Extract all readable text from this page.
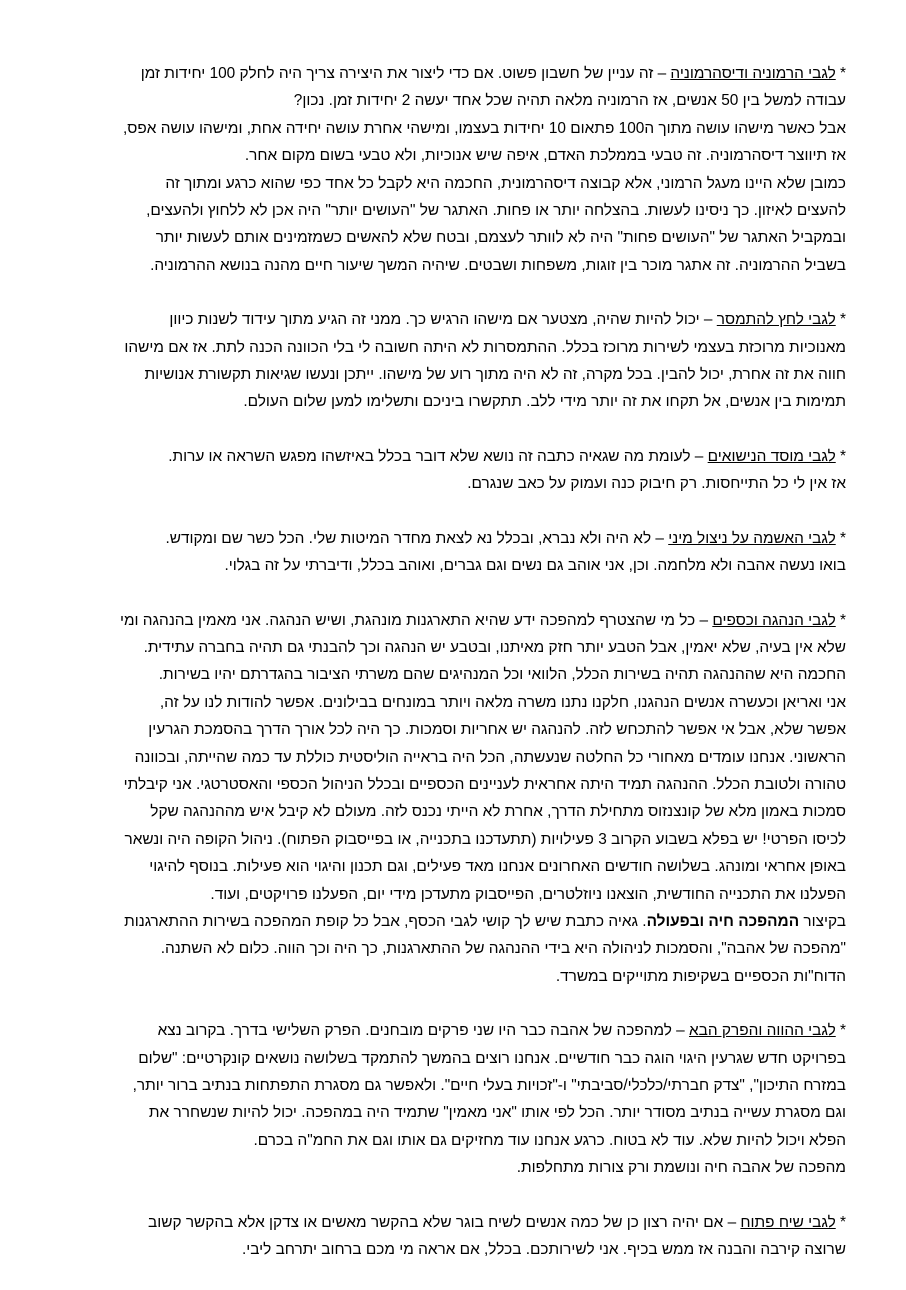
* לגבי הרמוניה ודיסהרמוניה – זה עניין של חשבון פשוט. אם כדי ליצור את היצירה צריך היה לחלק 100 יחידות זמן
עבודה למשל בין 50 אנשים, אז הרמוניה מלאה תהיה שכל אחד יעשה 2 יחידות זמן. נכון?
אבל כאשר מישהו עושה מתוך ה100 פתאום 10 יחידות בעצמו, ומישהי אחרת עושה יחידה אחת, ומישהו עושה אפס,
אז תיווצר דיסהרמוניה. זה טבעי בממלכת האדם, איפה שיש אנוכיות, ולא טבעי בשום מקום אחר.
כמובן שלא היינו מעגל הרמוני, אלא קבוצה דיסהרמונית, החכמה היא לקבל כל אחד כפי שהוא כרגע ומתוך זה
להעצים לאיזון. כך ניסינו לעשות. בהצלחה יותר או פחות. האתגר של "העושים יותר" היה אכן לא ללחוץ ולהעצים,
ובמקביל האתגר של "העושים פחות" היה לא לוותר לעצמם, ובטח שלא להאשים כשמזמינים אותם לעשות יותר
בשביל ההרמוניה. זה אתגר מוכר בין זוגות, משפחות ושבטים. שיהיה המשך שיעור חיים מהנה בנושא ההרמוניה.
* לגבי לחץ להתמסר – יכול להיות שהיה, מצטער אם מישהו הרגיש כך. ממני זה הגיע מתוך עידוד לשנות כיוון
מאנוכיות מרוכזת בעצמי לשירות מרוכז בכלל. ההתמסרות לא היתה חשובה לי בלי הכוונה הכנה לתת. אז אם מישהו
חווה את זה אחרת, יכול להבין. בכל מקרה, זה לא היה מתוך רוע של מישהו. ייתכן ונעשו שגיאות תקשורת אנושיות
תמימות בין אנשים, אל תקחו את זה יותר מידי ללב. תתקשרו ביניכם ותשלימו למען שלום העולם.
* לגבי מוסד הנישואים – לעומת מה שגאיה כתבה זה נושא שלא דובר בכלל באיזשהו מפגש השראה או ערות.
אז אין לי כל התייחסות. רק חיבוק כנה ועמוק על כאב שנגרם.
* לגבי האשמה על ניצול מיני – לא היה ולא נברא, ובכלל נא לצאת מחדר המיטות שלי. הכל כשר שם ומקודש.
בואו נעשה אהבה ולא מלחמה. וכן, אני אוהב גם נשים וגם גברים, ואוהב בכלל, ודיברתי על זה בגלוי.
* לגבי הנהגה וכספים – כל מי שהצטרף למהפכה ידע שהיא התארגנות מונהגת, ושיש הנהגה. אני מאמין בהנהגה ומי
שלא אין בעיה, שלא יאמין, אבל הטבע יותר חזק מאיתנו, ובטבע יש הנהגה וכך להבנתי גם תהיה בחברה עתידית.
החכמה היא שההנהגה תהיה בשירות הכלל, הלוואי וכל המנהיגים שהם משרתי הציבור בהגדרתם יהיו בשירות.
אני ואריאן וכעשרה אנשים הנהגנו, חלקנו נתנו משרה מלאה ויותר במונחים בבילונים. אפשר להודות לנו על זה,
אפשר שלא, אבל אי אפשר להתכחש לזה. להנהגה יש אחריות וסמכות. כך היה לכל אורך הדרך בהסמכת הגרעין
הראשוני. אנחנו עומדים מאחורי כל החלטה שנעשתה, הכל היה בראייה הוליסטית כוללת עד כמה שהייתה, ובכוונה
טהורה ולטובת הכלל. ההנהגה תמיד היתה אחראית לעניינים הכספיים ובכלל הניהול הכספי והאסטרטגי. אני קיבלתי
סמכות באמון מלא של קונצנזוס מתחילת הדרך, אחרת לא הייתי נכנס לזה. מעולם לא קיבל איש מההנהגה שקל
לכיסו הפרטי! יש בפלא בשבוע הקרוב 3 פעילויות (תתעדכנו בתכנייה, או בפייסבוק הפתוח). ניהול הקופה היה ונשאר
באופן אחראי ומונהג. בשלושה חודשים האחרונים אנחנו מאד פעילים, וגם תכנון והיגוי הוא פעילות. בנוסף להיגוי
הפעלנו את התכנייה החודשית, הוצאנו ניוזלטרים, הפייסבוק מתעדכן מידי יום, הפעלנו פרויקטים, ועוד.
בקיצור המהפכה חיה ובפעולה. גאיה כתבת שיש לך קושי לגבי הכסף, אבל כל קופת המהפכה בשירות ההתארגנות
"מהפכה של אהבה", והסמכות לניהולה היא בידי ההנהגה של ההתארגנות, כך היה וכך הווה. כלום לא השתנה.
הדוח"ות הכספיים בשקיפות מתוייקים במשרד.
* לגבי ההווה והפרק הבא – למהפכה של אהבה כבר היו שני פרקים מובחנים. הפרק השלישי בדרך. בקרוב נצא
בפרויקט חדש שגרעין היגוי הוגה כבר חודשיים. אנחנו רוצים בהמשך להתמקד בשלושה נושאים קונקרטיים: "שלום
במזרח התיכון", "צדק חברתי/כלכלי/סביבתי" ו-"זכויות בעלי חיים". ולאפשר גם מסגרת התפתחות בנתיב ברור יותר,
וגם מסגרת עשייה בנתיב מסודר יותר. הכל לפי אותו "אני מאמין" שתמיד היה במהפכה. יכול להיות שנשחרר את
הפלא ויכול להיות שלא. עוד לא בטוח. כרגע אנחנו עוד מחזיקים גם אותו וגם את החמ"ה בכרם.
מהפכה של אהבה חיה ונושמת ורק צורות מתחלפות.
* לגבי שיח פתוח – אם יהיה רצון כן של כמה אנשים לשיח בוגר שלא בהקשר מאשים או צדקן אלא בהקשר קשוב
שרוצה קירבה והבנה אז ממש בכיף. אני לשירותכם. בכלל, אם אראה מי מכם ברחוב יתרחב ליבי.
